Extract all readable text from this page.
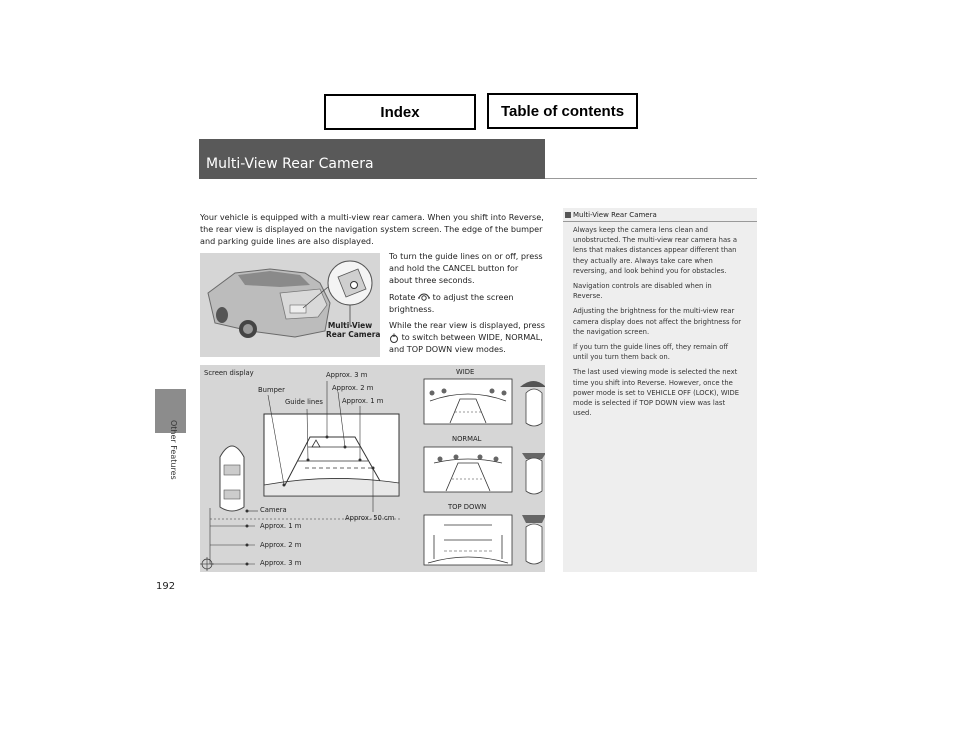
Index	Table of contents
Other Features
192
Multi-View Rear Camera
Your vehicle is equipped with a multi-view rear camera. When you shift into Reverse,
the rear view is displayed on the navigation system screen. The edge of the bumper
and parking guide lines are also displayed.
To turn the guide lines on or off, press
and hold the CANCEL button for
about three seconds.
Rotate to adjust the screen
brightness.
While the rear view is displayed, press
to switch between WIDE, NORMAL,
and TOP DOWN view modes.
Multi-View
Rear Camera
Screen display
Bumper
Guide lines
Approx. 3 m
Approx. 2 m
Approx. 1 m
Approx. 50 cm
Camera
Approx. 1 m
Approx. 2 m
Approx. 3 m
WIDE
NORMAL
TOP DOWN
Multi-View Rear Camera

Always keep the camera lens clean and
unobstructed. The multi-view rear camera has a
lens that makes distances appear different than
they actually are. Always take care when
reversing, and look behind you for obstacles.

Navigation controls are disabled when in
Reverse.

Adjusting the brightness for the multi-view rear
camera display does not affect the brightness for
the navigation screen.

If you turn the guide lines off, they remain off
until you turn them back on.

The last used viewing mode is selected the next
time you shift into Reverse. However, once the
power mode is set to VEHICLE OFF (LOCK), WIDE
mode is selected if TOP DOWN view was last
used.
